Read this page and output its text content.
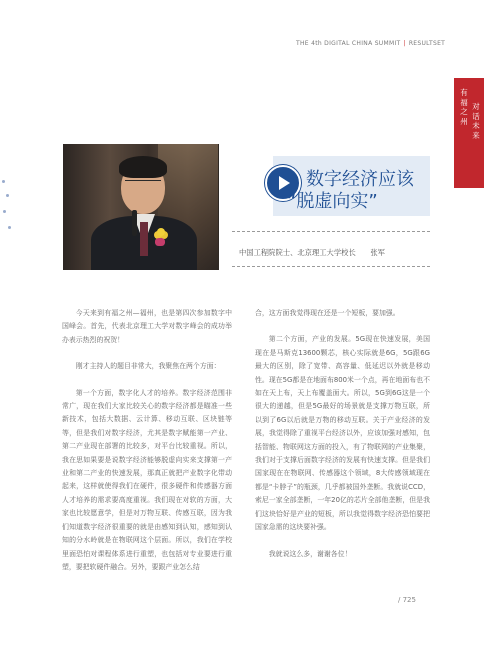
THE 4th DIGITAL CHINA SUMMIT | RESULTSET
有福之州
对话未来
数字经济应该
“脱虚向实”
中国工程院院士、北京理工大学校长　　张军

今天来到有福之州—福州，也是第四次参加数字中国峰会。首先，代表北京理工大学对数字峰会的成功举办表示热烈的祝贺！

刚才主持人的题目非常大，我聚焦在两个方面：

第一个方面，数字化人才的培养。数字经济范围非常广，现在我们大家比较关心的数字经济都是瞄准一些新技术，包括大数据、云计算、移动互联、区块链等等，但是我们对数字经济，尤其是数字赋能第一产业、第二产业现在部署的比较多，对平台比较重视。所以，我在思如果要是说数字经济能够脱虚向实来支撑第一产业和第二产业的快速发展，那真正就把产业数字化带动起来，这样就使得我们在硬件，很多硬件和传感器方面人才培养的需求要高度重视。我们现在对软的方面，大家也比较愿意学，但是对万物互联、传感互联，因为我们知道数字经济很重要的就是由感知到认知，感知到认知的分水岭就是在物联网这个层面。所以，我们在学校里面恐怕对课程体系进行重塑，也包括对专业要进行重塑，要把软硬件融合。另外，要跟产业怎么结

合，这方面我觉得现在还是一个短板，要加强。

第二个方面，产业的发展。5G现在快速发展，美国现在是马斯克13600颗芯，核心实际就是6G，5G跟6G最大的区别，除了宽带、高容量、低延迟以外就是移动性。现在5G都是在地面布800米一个点，再在地面布也不如在天上布，天上布覆盖面大。所以，5G到6G这是一个很大的递越，但是5G最好的场景就是支撑万物互联，所以到了6G以后就是万物的移动互联。关于产业经济的发展，我觉得除了重视平台经济以外，应该加强对感知，包括智能、物联网这方面的投入，有了物联网的产业集聚，我们对于支撑后面数字经济的发展有快速支撑。但是我们国家现在在物联网、传感器这个领域，8大传感领域现在都是“卡脖子”的瓶颈，几乎都被国外垄断。我就说CCD，索尼一家全部垄断，一年20亿的芯片全部他垄断，但是我们这块恰好是产业的短板，所以我觉得数字经济恐怕要把国家急需的这块要补强。

我就说这么多，谢谢各位！

/ 725
